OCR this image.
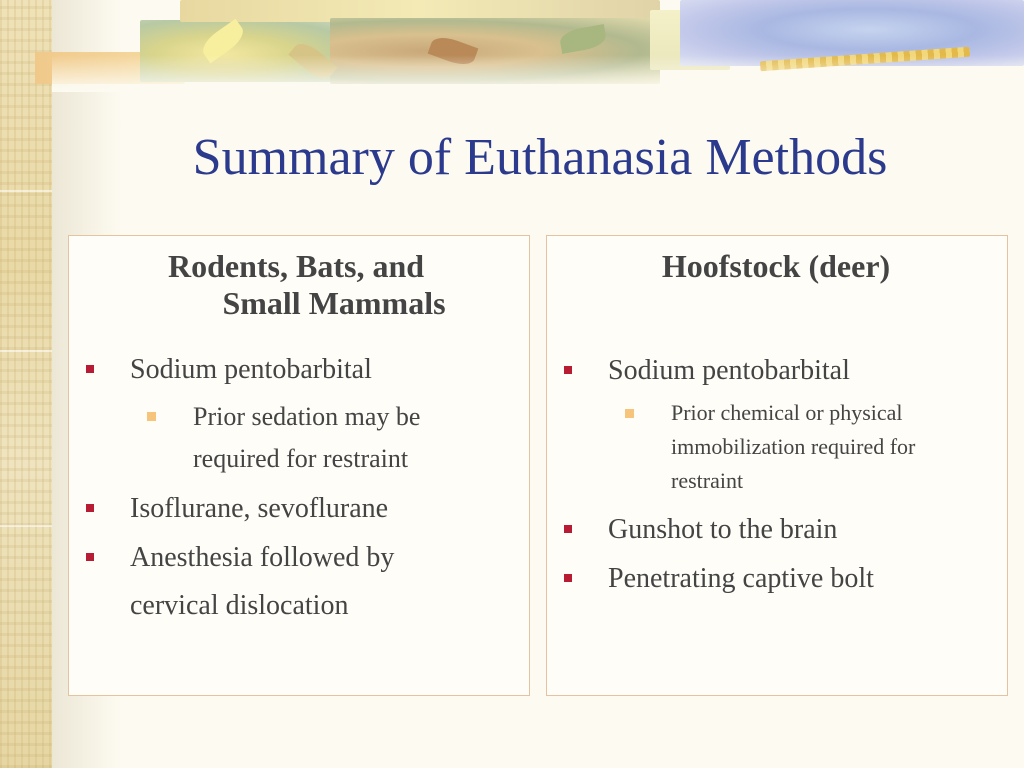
Summary of Euthanasia Methods
Rodents, Bats, and
Small Mammals
Sodium pentobarbital
Prior sedation may be
required for restraint
Isoflurane, sevoflurane
Anesthesia followed by
cervical dislocation
Hoofstock (deer)
Sodium pentobarbital
Prior chemical or physical
immobilization required for
restraint
Gunshot to the brain
Penetrating captive bolt
